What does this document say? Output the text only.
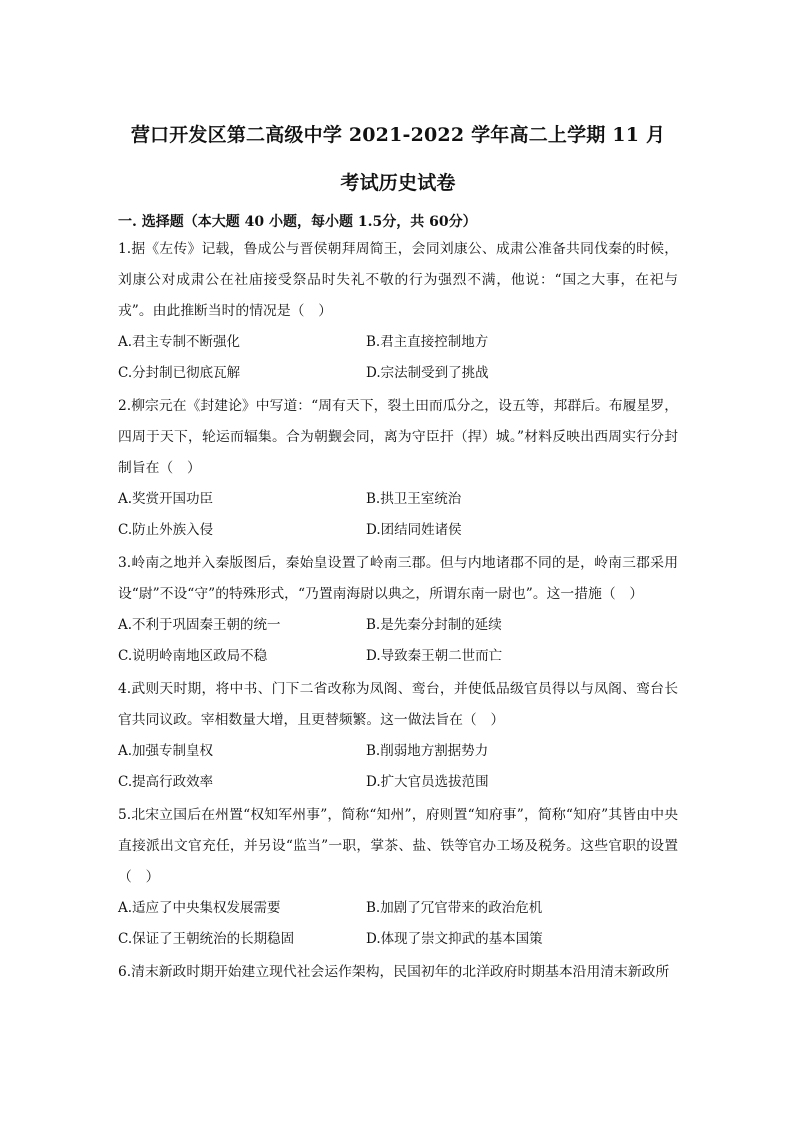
营口开发区第二高级中学 2021-2022 学年高二上学期 11 月
考试历史试卷
一. 选择题（本大题 40 小题，每小题 1.5分，共 60分）
1.据《左传》记载，鲁成公与晋侯朝拜周简王，会同刘康公、成肃公准备共同伐秦的时候，刘康公对成肃公在社庙接受祭品时失礼不敬的行为强烈不满，他说：“国之大事，在祀与戎”。由此推断当时的情况是（　）
A.君主专制不断强化	B.君主直接控制地方
C.分封制已彻底瓦解	D.宗法制受到了挑战
2.柳宗元在《封建论》中写道：“周有天下，裂土田而瓜分之，设五等，邦群后。布履星罗，四周于天下，轮运而辐集。合为朝觐会同，离为守臣扞（捍）城。”材料反映出西周实行分封制旨在（　）
A.奖赏开国功臣	B.拱卫王室统治
C.防止外族入侵	D.团结同姓诸侯
3.岭南之地并入秦版图后，秦始皇设置了岭南三郡。但与内地诸郡不同的是，岭南三郡采用设“尉”不设“守”的特殊形式，“乃置南海尉以典之，所谓东南一尉也”。这一措施（　）
A.不利于巩固秦王朝的统一	B.是先秦分封制的延续
C.说明岭南地区政局不稳	D.导致秦王朝二世而亡
4.武则天时期，将中书、门下二省改称为凤阁、鸾台，并使低品级官员得以与凤阁、鸾台长官共同议政。宰相数量大增，且更替频繁。这一做法旨在（　）
A.加强专制皇权	B.削弱地方割据势力
C.提高行政效率	D.扩大官员选拔范围
5.北宋立国后在州置“权知军州事”，简称“知州”，府则置“知府事”，简称“知府”其皆由中央直接派出文官充任，并另设“监当”一职，掌茶、盐、铁等官办工场及税务。这些官职的设置（　）
A.适应了中央集权发展需要	B.加剧了冗官带来的政治危机
C.保证了王朝统治的长期稳固	D.体现了崇文抑武的基本国策
6.清末新政时期开始建立现代社会运作架构，民国初年的北洋政府时期基本沿用清末新政所
